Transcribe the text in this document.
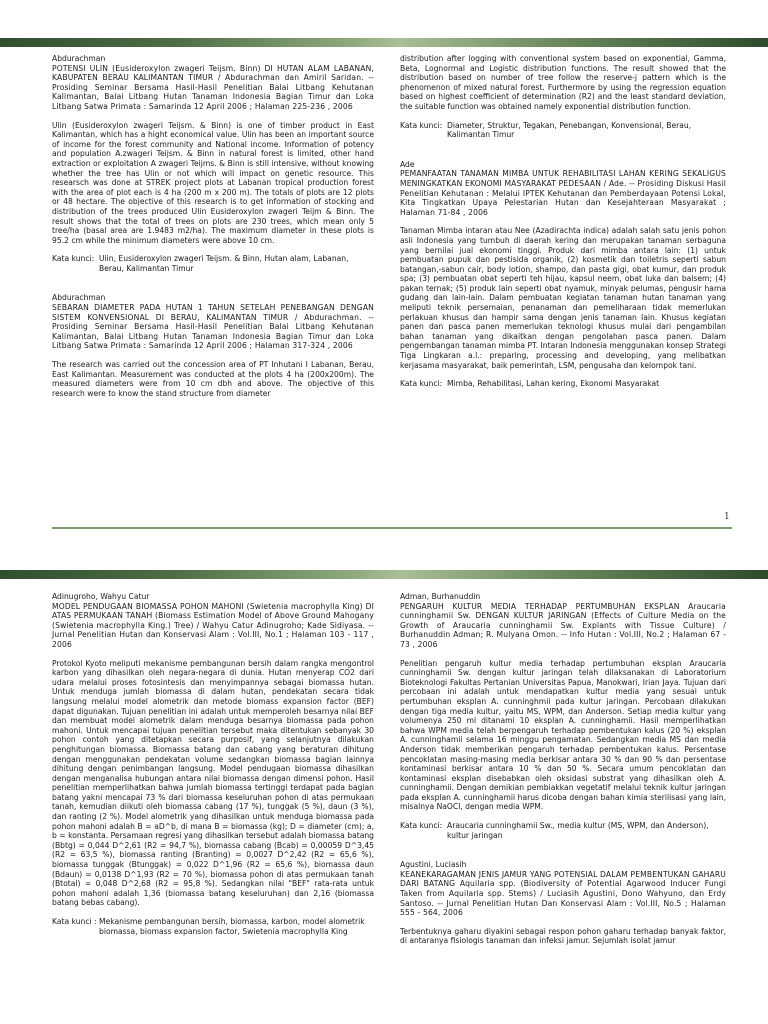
Abdurachman
POTENSI ULIN (Eusideroxylon zwageri Teijsm. Binn) DI HUTAN ALAM LABANAN, KABUPATEN BERAU KALIMANTAN TIMUR / Abdurachman dan Amiril Saridan. -- Prosiding Seminar Bersama Hasil-Hasil Penelitian Balai Litbang Kehutanan Kalimantan, Balai Litbang Hutan Tanaman Indonesia Bagian Timur dan Loka Litbang Satwa Primata : Samarinda 12 April 2006 ; Halaman 225-236 , 2006
Ulin (Eusideroxylon zwageri Teijsm. & Binn) is one of timber product in East Kalimantan, which has a hight economical value. Ulin has been an important source of income for the forest community and National income. Information of potency and population A.zwageri Teijsm. & Binn in natural forest is limited, other hand extraction or exploitation A zwageri Teijms. & Binn is still intensive, without knowing whether the tree has Ulin or not which will impact on genetic resource. This researsch was done at STREK project plots at Labanan tropical production forest with the area of plot each is 4 ha (200 m x 200 m). The totals of plots are 12 plots or 48 hectare. The objective of this research is to get information of stocking and distribution of the trees produced Ulin Eusideroxylon zwageri Teijm & Binn. The result shows that the total of trees on plots are 230 trees, which mean only 5 tree/ha (basal area are 1.9483 m2/ha). The maximum diameter in these plots is 95.2 cm while the minimum diameters were above 10 cm.
Kata kunci: Ulin, Eusideroxylon zwageri Teijsm. & Binn, Hutan alam, Labanan, Berau, Kalimantan Timur
Abdurachman
SEBARAN DIAMETER PADA HUTAN 1 TAHUN SETELAH PENEBANGAN DENGAN SISTEM KONVENSIONAL DI BERAU, KALIMANTAN TIMUR / Abdurachman. -- Prosiding Seminar Bersama Hasil-Hasil Penelitian Balai Litbang Kehutanan Kalimantan, Balai Litbang Hutan Tanaman Indonesia Bagian Timur dan Loka Litbang Satwa Primata : Samarinda 12 April 2006 ; Halaman 317-324 , 2006
The research was carried out the concession area of PT Inhutani I Labanan, Berau, East Kalimantan. Measurement was conducted at the plots 4 ha (200x200m). The measured diameters were from 10 cm dbh and above. The objective of this research were to know the stand structure from diameter
distribution after logging with conventional system based on exponential, Gamma, Beta, Lognormal and Logistic distribution functions. The result showed that the distribution based on number of tree follow the reserve-j pattern which is the phenomenon of mixed natural forest. Furthermore by using the regression equation based on highest coefficient of determination (R2) and the least standard deviation, the suitable function was obtained namely exponential distribution function.
Kata kunci: Diameter, Struktur, Tegakan, Penebangan, Konvensional, Berau, Kalimantan Timur
Ade
PEMANFAATAN TANAMAN MIMBA UNTUK REHABILITASI LAHAN KERING SEKALIGUS MENINGKATKAN EKONOMI MASYARAKAT PEDESAAN / Ade. -- Prosiding Diskusi Hasil Penelitian Kehutanan : Melalui IPTEK Kehutanan dan Pemberdayaan Potensi Lokal, Kita Tingkatkan Upaya Pelestarian Hutan dan Kesejahteraan Masyarakat ; Halaman 71-84 , 2006
Tanaman Mimba intaran atau Nee (Azadirachta indica) adalah salah satu jenis pohon asli Indonesia yang tumbuh di daerah kering dan merupakan tanaman serbaguna yang bernilai jual ekonomi tinggi. Produk dari mimba antara lain: (1) untuk pembuatan pupuk dan pestisida organik, (2) kosmetik dan toiletris seperti sabun batangan,-sabun cair, body lotion, shampo, dan pasta gigi, obat kumur, dan produk spa; (3) pembuatan obat seperti teh hijau, kapsul neem, obat luka dan balsem; (4) pakan ternak; (5) produk lain seperti obat nyamuk, minyak pelumas, pengusir hama gudang dan lain-lain. Dalam pembuatan kegiatan tanaman hutan tanaman yang meliputi teknik persemaian, penanaman dan pemeliharaan tidak memerlukan perlakuan khusus dan hampir sama dengan jenis tanaman lain. Khusus kegiatan panen dan pasca panen memerlukan teknologi khusus mulai dari pengambilan bahan tanaman yang dikaitkan dengan pengolahan pasca panen. Dalam pengembangan tanaman mimba PT. Intaran Indonesia menggunakan konsep Strategi Tiga Lingkaran a.l.: preparing, processing and developing, yang melibatkan kerjasama masyarakat, baik pemerintah, LSM, pengusaha dan kelompok tani.
Kata kunci: Mimba, Rehabilitasi, Lahan kering, Ekonomi Masyarakat
1
Adinugroho, Wahyu Catur
MODEL PENDUGAAN BIOMASSA POHON MAHONI (Swietenia macrophylla King) DI ATAS PERMUKAAN TANAH (Biomass Estimation Model of Above Ground Mahogany (Swietenia macrophylla King.) Tree) / Wahyu Catur Adinugroho; Kade Sidiyasa. -- Jurnal Penelitian Hutan dan Konservasi Alam : Vol.III, No.1 ; Halaman 103 - 117 , 2006
Protokol Kyoto meliputi mekanisme pembangunan bersih dalam rangka mengontrol karbon yang dihasilkan oleh negara-negara di dunia. Hutan menyerap CO2 dari udara melalui proses fotosintesis dan menyimpannya sebagai biomassa hutan. Untuk menduga jumlah biomassa di dalam hutan, pendekatan secara tidak langsung melalui model alometrik dan metode biomass expansion factor (BEF) dapat digunakan. Tujuan penelitian ini adalah untuk memperoleh besarnya nilai BEF dan membuat model alometrik dalam menduga besarnya biomassa pada pohon mahoni. Untuk mencapai tujuan penelitian tersebut maka ditentukan sebanyak 30 pohon contoh yang ditetapkan secara purposif, yang selanjutnya dilakukan penghitungan biomassa. Biomassa batang dan cabang yang beraturan dihitung dengan menggunakan pendekatan volume sedangkan biomassa bagian lainnya dihitung dengan penimbangan langsung. Model pendugaan biomassa dihasilkan dengan menganalisa hubungan antara nilai biomassa dengan dimensi pohon. Hasil penelitian memperlihatkan bahwa jumlah biomassa tertinggi terdapat pada bagian batang yakni mencapai 73 % dari biomassa keseluruhan pohon di atas permukaan tanah, kemudian diikuti oleh biomassa cabang (17 %), tunggak (5 %), daun (3 %), dan ranting (2 %). Model alometrik yang dihasilkan untuk menduga biomassa pada pohon mahoni adalah B = aD^b, di mana B = biomassa (kg); D = diameter (cm); a, b = konstanta. Persamaan regresi yang dihasilkan tersebut adalah biomassa batang (Bbtg) = 0,044 D^2,61 (R2 = 94,7 %), biomassa cabang (Bcab) = 0,00059 D^3,45 (R2 = 63,5 %), biomassa ranting (Branting) = 0,0027 D^2,42 (R2 = 65,6 %), biomassa tunggak (Btunggak) = 0,022 D^1,96 (R2 = 65,6 %), biomassa daun (Bdaun) = 0,0138 D^1,93 (R2 = 70 %), biomassa pohon di atas permukaan tanah (Btotal) = 0,048 D^2,68 (R2 = 95,8 %). Sedangkan nilai "BEF" rata-rata untuk pohon mahoni adalah 1,36 (biomassa batang keseluruhan) dan 2,16 (biomassa batang bebas cabang).
Kata kunci : Mekanisme pembangunan bersih, biomassa, karbon, model alometrik biomassa, biomass expansion factor, Swietenia macrophylla King
Adman, Burhanuddin
PENGARUH KULTUR MEDIA TERHADAP PERTUMBUHAN EKSPLAN Araucaria cunninghamii Sw. DENGAN KULTUR JARINGAN (Effects of Culture Media on the Growth of Araucaria cunninghamii Sw. Explants with Tissue Culture) / Burhanuddin Adman; R. Mulyana Omon. -- Info Hutan : Vol.III, No.2 ; Halaman 67 - 73 , 2006
Penelitian pengaruh kultur media terhadap pertumbuhan eksplan Araucaria cunninghamii Sw. dengan kultur jaringan telah dilaksanakan di Laboratorium Bioteknologi Fakultas Pertanian Universitas Papua, Manokwari, Irian Jaya. Tujuan dari percobaan ini adalah untuk mendapatkan kultur media yang sesuai untuk pertumbuhan eksplan A. cunninghmii pada kultur jaringan. Percobaan dilakukan dengan tiga media kultur, yaitu MS, WPM, dan Anderson. Setiap media kultur yang volumenya 250 ml ditanami 10 eksplan A. cunninghamii. Hasil memperlihatkan bahwa WPM media telah berpengaruh terhadap pembentukan kalus (20 %) eksplan A. cunninghamii selama 16 minggu pengamatan. Sedangkan media MS dan media Anderson tidak memberikan pengaruh terhadap pembentukan kalus. Persentase pencoklatan masing-masing media berkisar antara 30 % dan 90 % dan persentase kontaminasi berkisar antara 10 % dan 50 %. Secara umum pencoklatan dan kontaminasi eksplan disebabkan oleh oksidasi substrat yang dihasilkan oleh A. cunninghamii. Dengan demikian pembiakkan vegetatif melalui teknik kultur jaringan pada eksplan A. cunninghamii harus dicoba dengan bahan kimia sterilisasi yang lain, misalnya NaOCl, dengan media WPM.
Kata kunci: Araucaria cunninghamii Sw., media kultur (MS, WPM, dan Anderson), kultur jaringan
Agustini, Luciasih
KEANEKARAGAMAN JENIS JAMUR YANG POTENSIAL DALAM PEMBENTUKAN GAHARU DARI BATANG Aquilaria spp. (Biodiversity of Potential Agarwood Inducer Fungi Taken from Aquilaria spp. Stems) / Luciasih Agustini, Dono Wahyuno, dan Erdy Santoso. -- Jurnal Penelitian Hutan Dan Konservasi Alam : Vol.III, No.5 ; Halaman 555 - 564, 2006
Terbentuknya gaharu diyakini sebagai respon pohon gaharu terhadap banyak faktor, di antaranya fisiologis tanaman dan infeksi jamur. Sejumlah isolat jamur
